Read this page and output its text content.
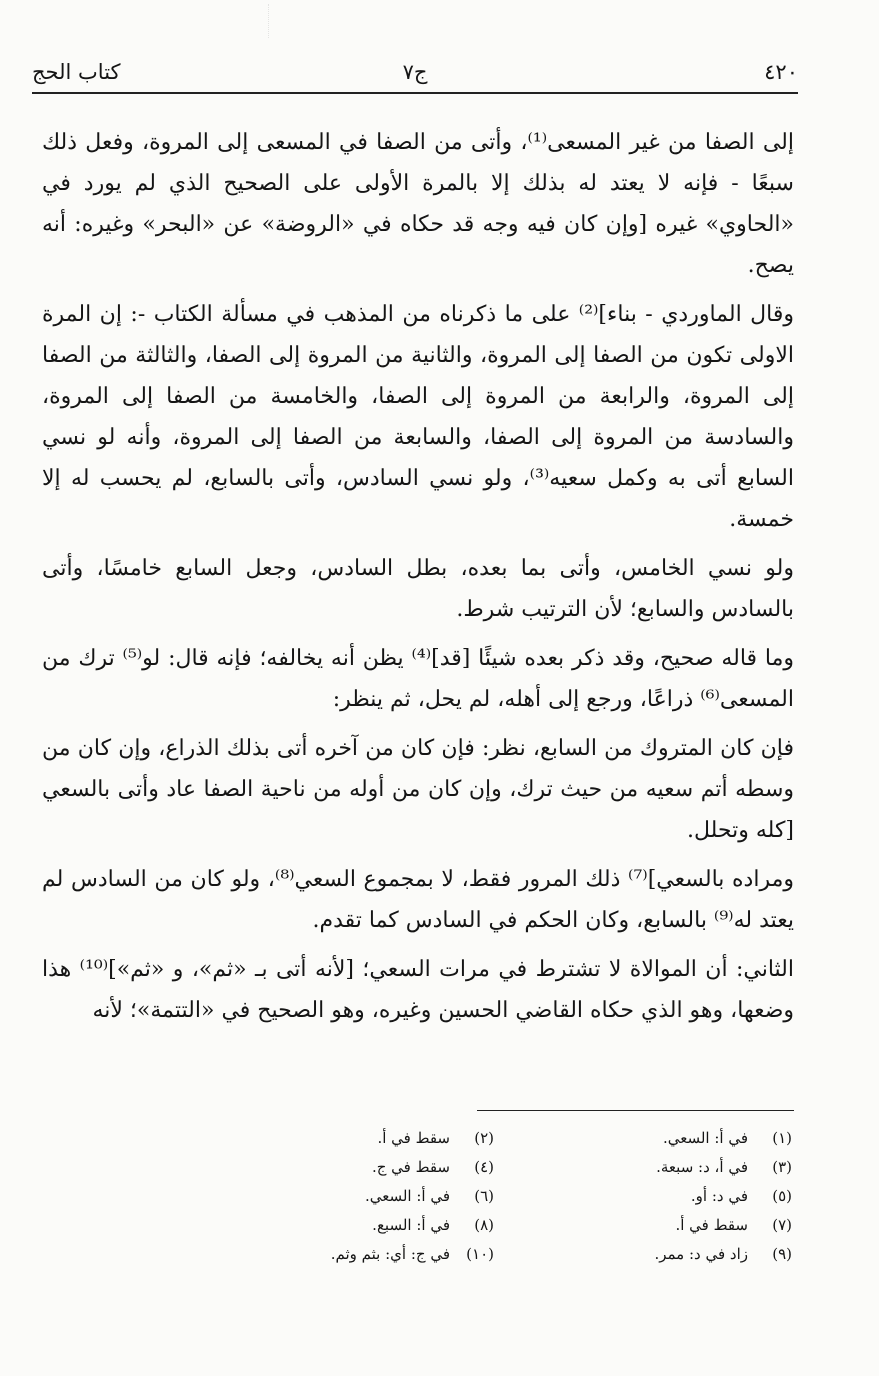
٤٢٠
ج٧
كتاب الحج

إلى الصفا من غير المسعى⁽¹⁾، وأتى من الصفا في المسعى إلى المروة، وفعل ذلك سبعًا - فإنه لا يعتد له بذلك إلا بالمرة الأولى على الصحيح الذي لم يورد في «الحاوي» غيره [وإن كان فيه وجه قد حكاه في «الروضة» عن «البحر» وغيره: أنه يصح.

وقال الماوردي - بناء]⁽²⁾ على ما ذكرناه من المذهب في مسألة الكتاب -: إن المرة الاولى تكون من الصفا إلى المروة، والثانية من المروة إلى الصفا، والثالثة من الصفا إلى المروة، والرابعة من المروة إلى الصفا، والخامسة من الصفا إلى المروة، والسادسة من المروة إلى الصفا، والسابعة من الصفا إلى المروة، وأنه لو نسي السابع أتى به وكمل سعيه⁽³⁾، ولو نسي السادس، وأتى بالسابع، لم يحسب له إلا خمسة.

ولو نسي الخامس، وأتى بما بعده، بطل السادس، وجعل السابع خامسًا، وأتى بالسادس والسابع؛ لأن الترتيب شرط.

وما قاله صحيح، وقد ذكر بعده شيئًا [قد]⁽⁴⁾ يظن أنه يخالفه؛ فإنه قال: لو⁽⁵⁾ ترك من المسعى⁽⁶⁾ ذراعًا، ورجع إلى أهله، لم يحل، ثم ينظر:

فإن كان المتروك من السابع، نظر: فإن كان من آخره أتى بذلك الذراع، وإن كان من وسطه أتم سعيه من حيث ترك، وإن كان من أوله من ناحية الصفا عاد وأتى بالسعي [كله وتحلل.

ومراده بالسعي]⁽⁷⁾ ذلك المرور فقط، لا بمجموع السعي⁽⁸⁾، ولو كان من السادس لم يعتد له⁽⁹⁾ بالسابع، وكان الحكم في السادس كما تقدم.

الثاني: أن الموالاة لا تشترط في مرات السعي؛ [لأنه أتى بـ «ثم»، و «ثم»]⁽¹⁰⁾ هذا وضعها، وهو الذي حكاه القاضي الحسين وغيره، وهو الصحيح في «التتمة»؛ لأنه

(١)في أ: السعي.
(٢)سقط في أ.
(٣)في أ، د: سبعة.
(٤)سقط في ج.
(٥)في د: أو.
(٦)في أ: السعي.
(٧)سقط في أ.
(٨)في أ: السبع.
(٩)زاد في د: ممر.
(١٠)في ج: أي: بثم وثم.
